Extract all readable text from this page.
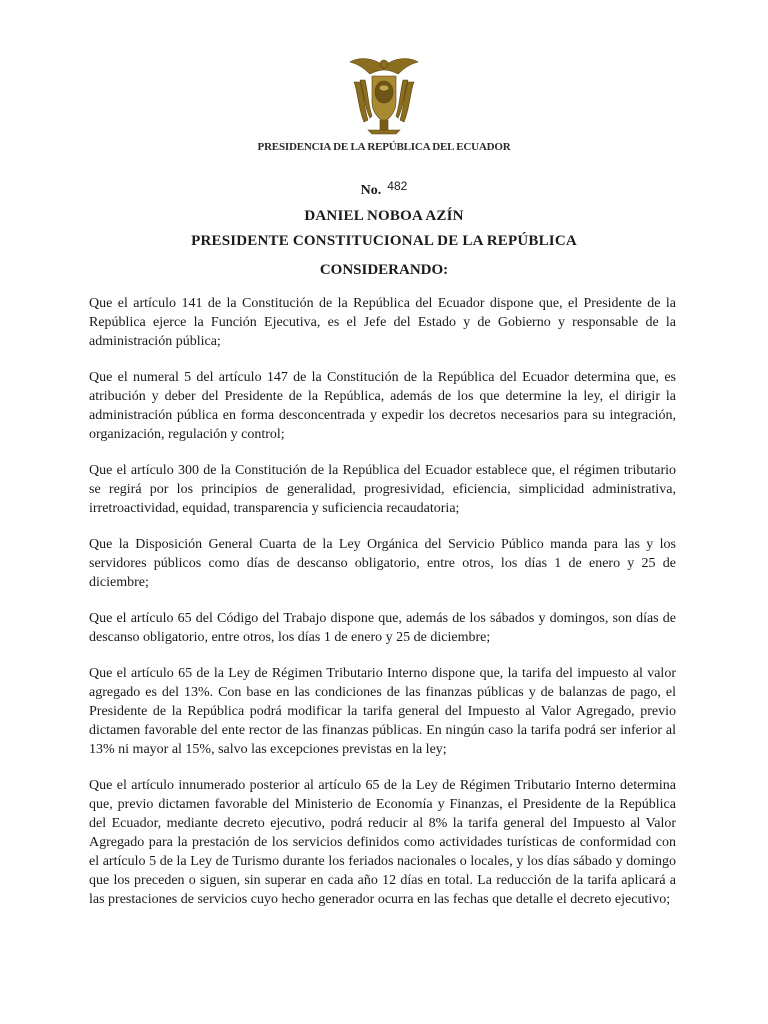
PRESIDENCIA DE LA REPÚBLICA DEL ECUADOR
No. 482
DANIEL NOBOA AZÍN
PRESIDENTE CONSTITUCIONAL DE LA REPÚBLICA
CONSIDERANDO:

Que el artículo 141 de la Constitución de la República del Ecuador dispone que, el Presidente de la República ejerce la Función Ejecutiva, es el Jefe del Estado y de Gobierno y responsable de la administración pública;

Que el numeral 5 del artículo 147 de la Constitución de la República del Ecuador determina que, es atribución y deber del Presidente de la República, además de los que determine la ley, el dirigir la administración pública en forma desconcentrada y expedir los decretos necesarios para su integración, organización, regulación y control;

Que el artículo 300 de la Constitución de la República del Ecuador establece que, el régimen tributario se regirá por los principios de generalidad, progresividad, eficiencia, simplicidad administrativa, irretroactividad, equidad, transparencia y suficiencia recaudatoria;

Que la Disposición General Cuarta de la Ley Orgánica del Servicio Público manda para las y los servidores públicos como días de descanso obligatorio, entre otros, los días 1 de enero y 25 de diciembre;

Que el artículo 65 del Código del Trabajo dispone que, además de los sábados y domingos, son días de descanso obligatorio, entre otros, los días 1 de enero y 25 de diciembre;

Que el artículo 65 de la Ley de Régimen Tributario Interno dispone que, la tarifa del impuesto al valor agregado es del 13%. Con base en las condiciones de las finanzas públicas y de balanzas de pago, el Presidente de la República podrá modificar la tarifa general del Impuesto al Valor Agregado, previo dictamen favorable del ente rector de las finanzas públicas. En ningún caso la tarifa podrá ser inferior al 13% ni mayor al 15%, salvo las excepciones previstas en la ley;

Que el artículo innumerado posterior al artículo 65 de la Ley de Régimen Tributario Interno determina que, previo dictamen favorable del Ministerio de Economía y Finanzas, el Presidente de la República del Ecuador, mediante decreto ejecutivo, podrá reducir al 8% la tarifa general del Impuesto al Valor Agregado para la prestación de los servicios definidos como actividades turísticas de conformidad con el artículo 5 de la Ley de Turismo durante los feriados nacionales o locales, y los días sábado y domingo que los preceden o siguen, sin superar en cada año 12 días en total. La reducción de la tarifa aplicará a las prestaciones de servicios cuyo hecho generador ocurra en las fechas que detalle el decreto ejecutivo;
